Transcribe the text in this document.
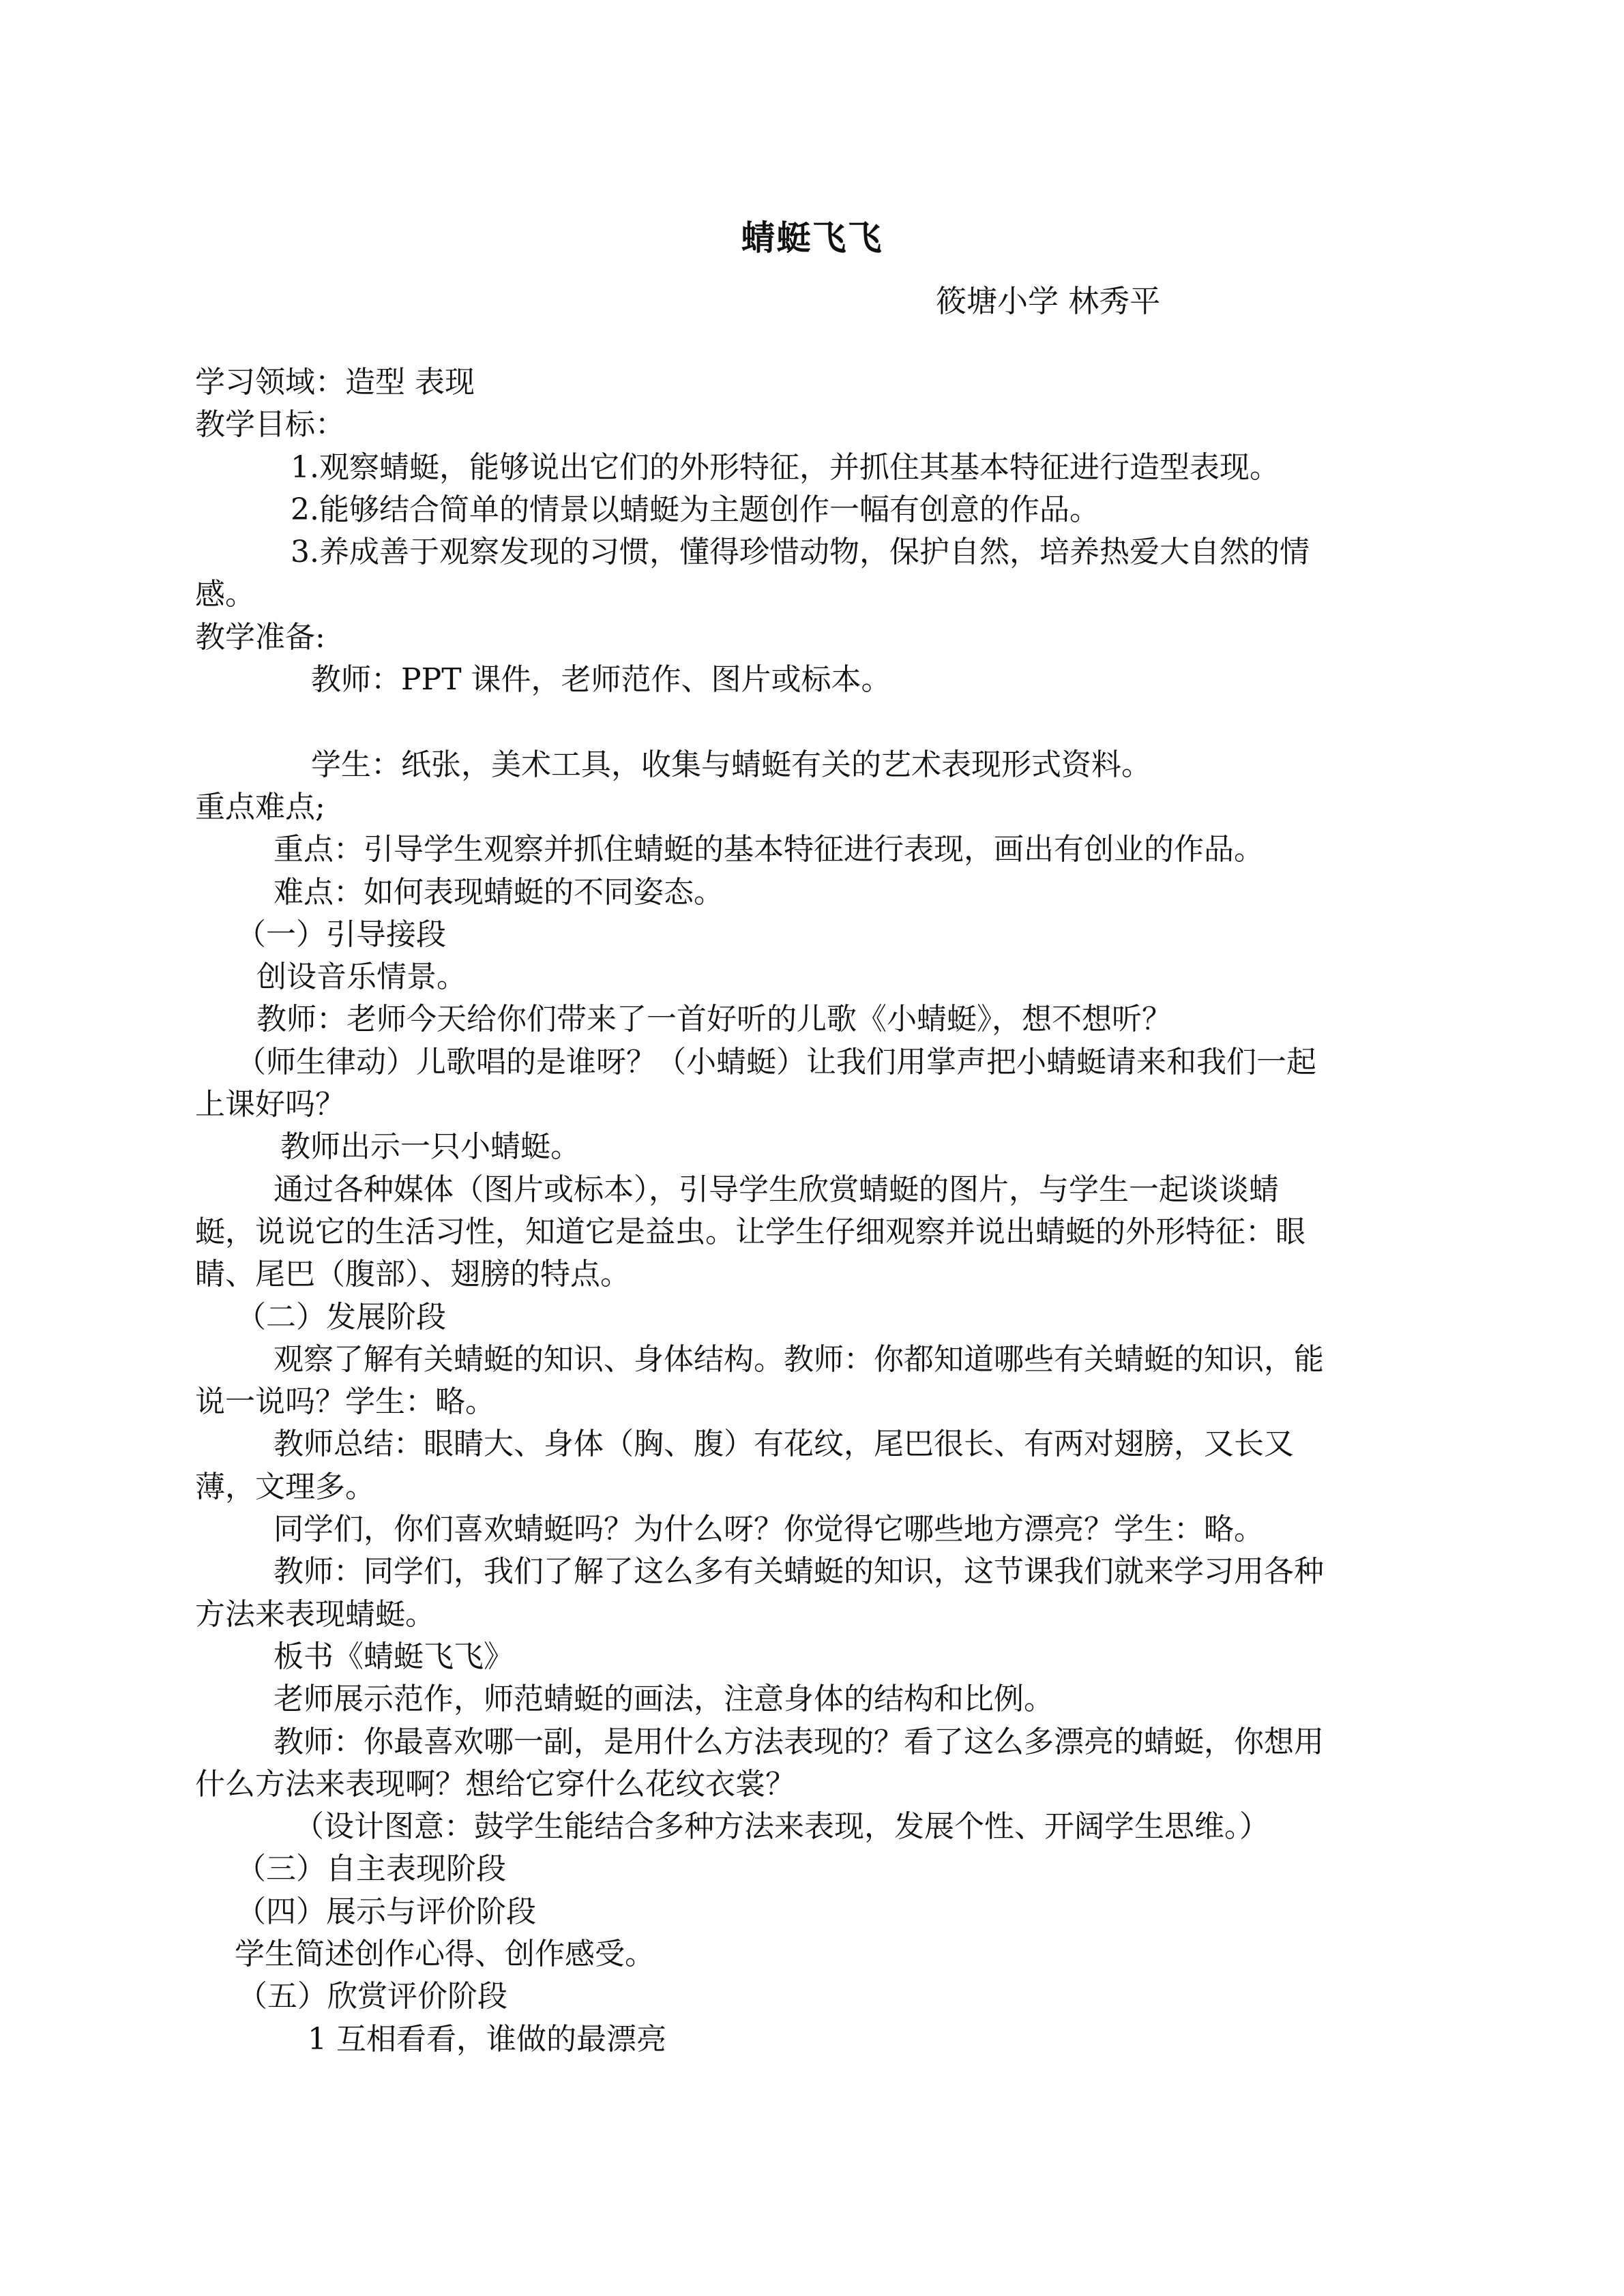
蜻蜓飞飞
筱塘小学 林秀平
学习领域：造型 表现
教学目标：
1.观察蜻蜓，能够说出它们的外形特征，并抓住其基本特征进行造型表现。
2.能够结合简单的情景以蜻蜓为主题创作一幅有创意的作品。
3.养成善于观察发现的习惯，懂得珍惜动物，保护自然，培养热爱大自然的情
感。
教学准备:
教师：PPT 课件，老师范作、图片或标本。
学生：纸张，美术工具，收集与蜻蜓有关的艺术表现形式资料。
重点难点;
重点：引导学生观察并抓住蜻蜓的基本特征进行表现，画出有创业的作品。
难点：如何表现蜻蜓的不同姿态。
（一）引导接段
创设音乐情景。
教师：老师今天给你们带来了一首好听的儿歌《小蜻蜓》，想不想听？
（师生律动）儿歌唱的是谁呀？（小蜻蜓）让我们用掌声把小蜻蜓请来和我们一起
上课好吗？
教师出示一只小蜻蜓。
通过各种媒体（图片或标本），引导学生欣赏蜻蜓的图片，与学生一起谈谈蜻
蜓，说说它的生活习性，知道它是益虫。让学生仔细观察并说出蜻蜓的外形特征：眼
睛、尾巴（腹部）、翅膀的特点。
（二）发展阶段
观察了解有关蜻蜓的知识、身体结构。教师：你都知道哪些有关蜻蜓的知识，能
说一说吗？学生：略。
教师总结：眼睛大、身体（胸、腹）有花纹，尾巴很长、有两对翅膀，又长又
薄，文理多。
同学们，你们喜欢蜻蜓吗？为什么呀？你觉得它哪些地方漂亮？学生：略。
教师：同学们，我们了解了这么多有关蜻蜓的知识，这节课我们就来学习用各种
方法来表现蜻蜓。
板书《蜻蜓飞飞》
老师展示范作，师范蜻蜓的画法，注意身体的结构和比例。
教师：你最喜欢哪一副，是用什么方法表现的？看了这么多漂亮的蜻蜓，你想用
什么方法来表现啊？想给它穿什么花纹衣裳？
（设计图意：鼓学生能结合多种方法来表现，发展个性、开阔学生思维。）
（三）自主表现阶段
（四）展示与评价阶段
学生简述创作心得、创作感受。
（五）欣赏评价阶段
1 互相看看，谁做的最漂亮
